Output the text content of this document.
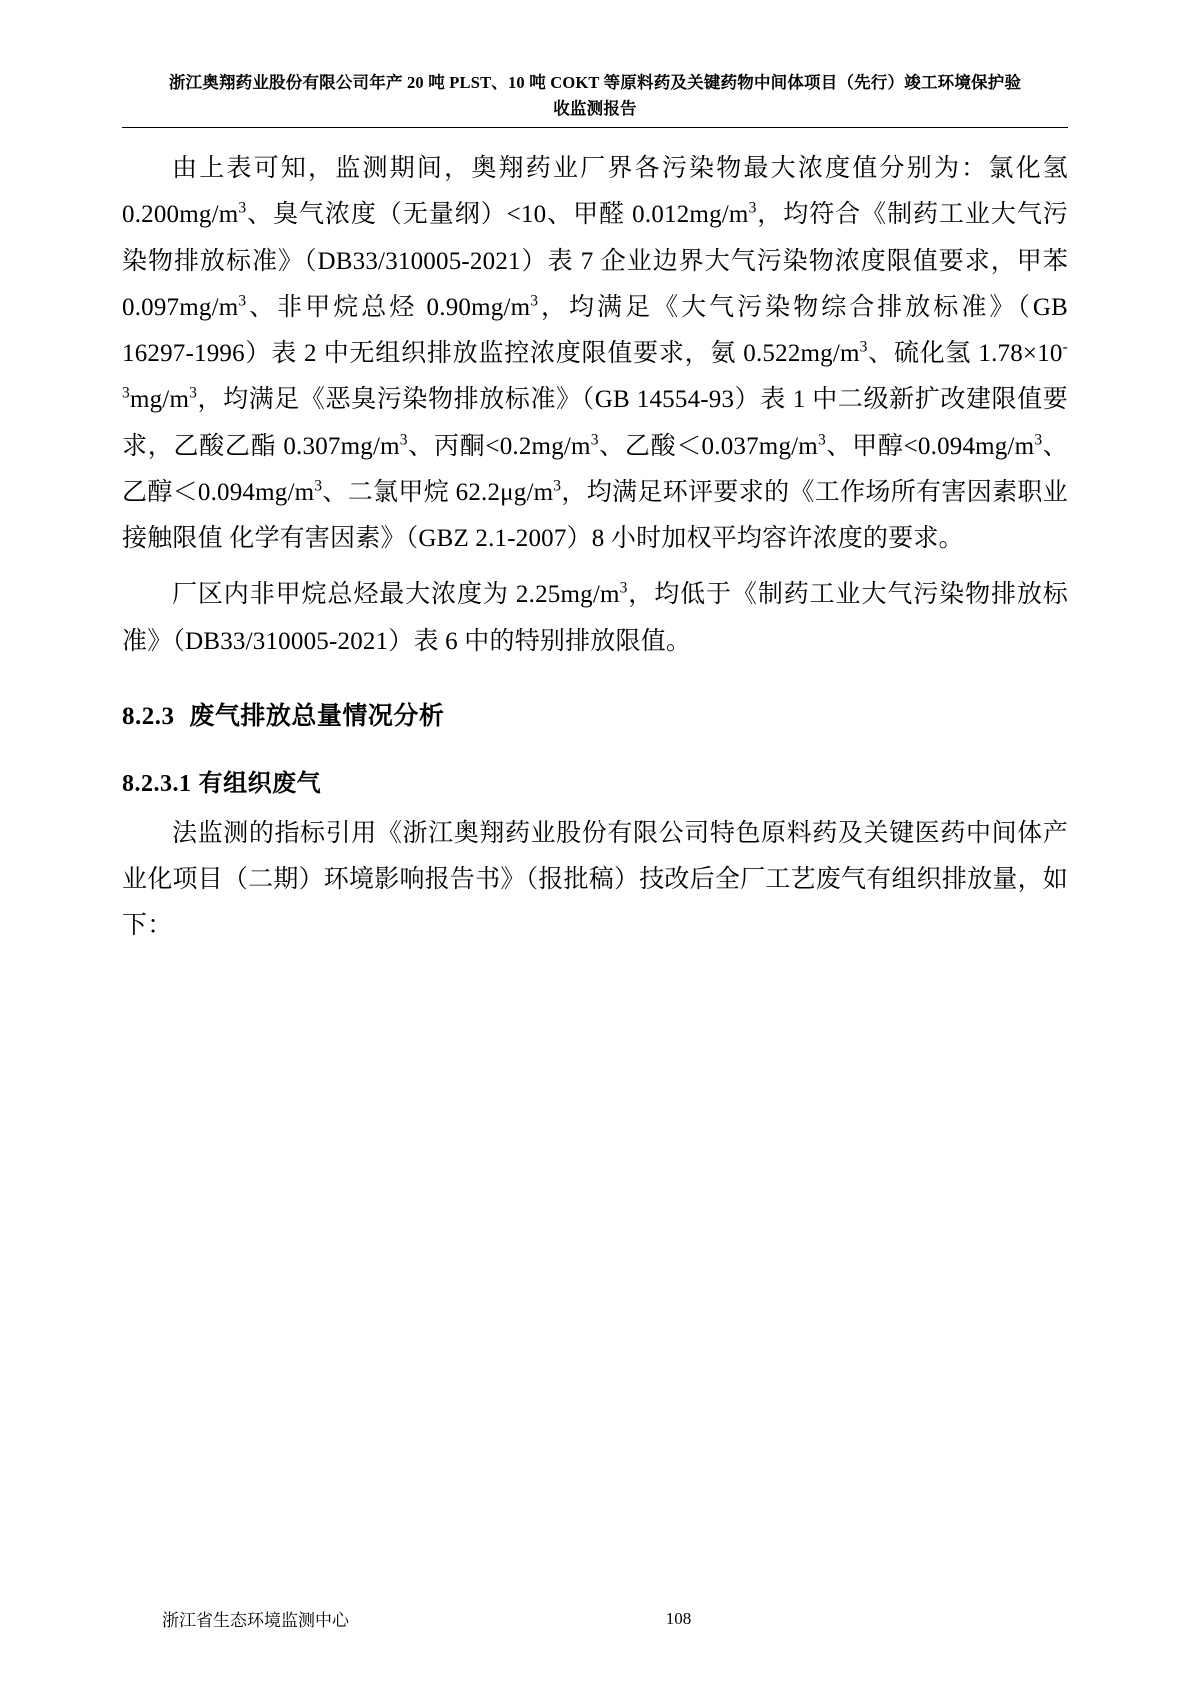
浙江奥翔药业股份有限公司年产 20 吨 PLST、10 吨 COKT 等原料药及关键药物中间体项目（先行）竣工环境保护验
收监测报告

由上表可知，监测期间，奥翔药业厂界各污染物最大浓度值分别为：氯化氢 $0.200mg/m^3$、臭气浓度（无量纲）<10、甲醛 $0.012mg/m^3$，均符合《制药工业大气污染物排放标准》（DB33/310005-2021）表 7 企业边界大气污染物浓度限值要求，甲苯 $0.097mg/m^3$、非甲烷总烃 $0.90mg/m^3$，均满足《大气污染物综合排放标准》（GB 16297-1996）表 2 中无组织排放监控浓度限值要求，氨 $0.522mg/m^3$、硫化氢 $1.78\times 10^{-3}mg/m^3$，均满足《恶臭污染物排放标准》（GB 14554-93）表 1 中二级新扩改建限值要求，乙酸乙酯 $0.307mg/m^3$、丙酮$<0.2mg/m^3$、乙酸$<0.037mg/m^3$、甲醇$<0.094mg/m^3$、乙醇$<0.094mg/m^3$、二氯甲烷 $62.2\mu g/m^3$，均满足环评要求的《工作场所有害因素职业接触限值 化学有害因素》（GBZ 2.1-2007）8 小时加权平均容许浓度的要求。

厂区内非甲烷总烃最大浓度为 $2.25mg/m^3$，均低于《制药工业大气污染物排放标准》（DB33/310005-2021）表 6 中的特别排放限值。

8.2.3 废气排放总量情况分析
8.2.3.1 有组织废气

法监测的指标引用《浙江奥翔药业股份有限公司特色原料药及关键医药中间体产业化项目（二期）环境影响报告书》（报批稿）技改后全厂工艺废气有组织排放量，如下：

浙江省生态环境监测中心	108
